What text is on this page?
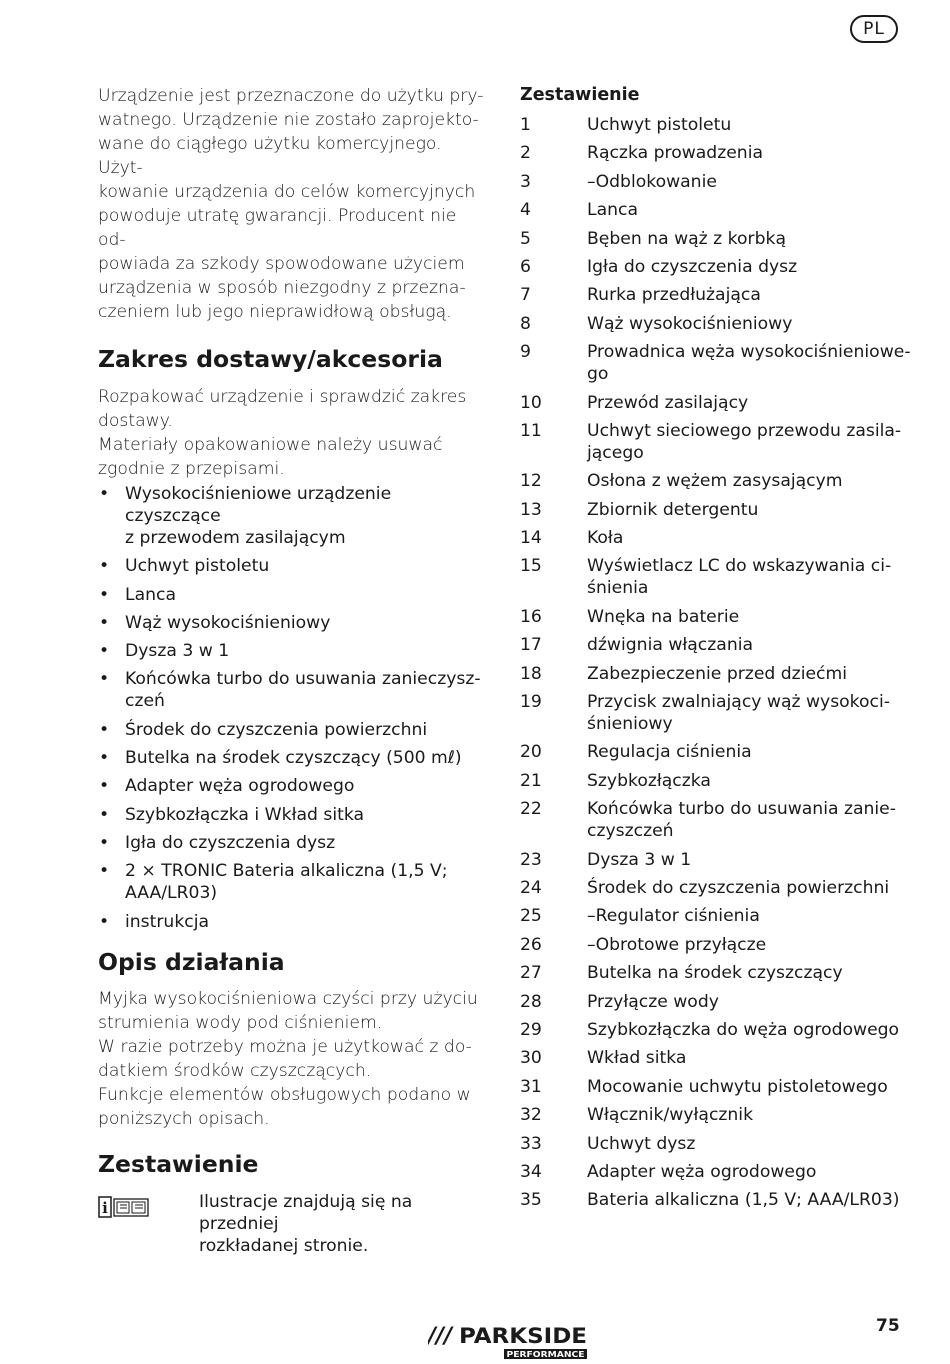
PL

Urządzenie jest przeznaczone do użytku pry-
watnego. Urządzenie nie zostało zaprojekto-
wane do ciągłego użytku komercyjnego. Użyt-
kowanie urządzenia do celów komercyjnych
powoduje utratę gwarancji. Producent nie od-
powiada za szkody spowodowane użyciem
urządzenia w sposób niezgodny z przezna-
czeniem lub jego nieprawidłową obsługą.

Zakres dostawy/akcesoria

Rozpakować urządzenie i sprawdzić zakres
dostawy.
Materiały opakowaniowe należy usuwać
zgodnie z przepisami.

• Wysokociśnieniowe urządzenie czyszczące
z przewodem zasilającym
• Uchwyt pistoletu
• Lanca
• Wąż wysokociśnieniowy
• Dysza 3 w 1
• Końcówka turbo do usuwania zanieczysz-
czeń
• Środek do czyszczenia powierzchni
• Butelka na środek czyszczący (500 mℓ)
• Adapter węża ogrodowego
• Szybkozłączka i Wkład sitka
• Igła do czyszczenia dysz
• 2 × TRONIC Bateria alkaliczna (1,5 V;
AAA/LR03)
• instrukcja
Opis działania

Myjka wysokociśnieniowa czyści przy użyciu
strumienia wody pod ciśnieniem.
W razie potrzeby można je użytkować z do-
datkiem środków czyszczących.
Funkcje elementów obsługowych podano w
poniższych opisach.

Zestawienie
i	Ilustracje znajdują się na przedniej
rozkładanej stronie.
Zestawienie
1	Uchwyt pistoletu
2	Rączka prowadzenia
3	–Odblokowanie
4	Lanca
5	Bęben na wąż z korbką
6	Igła do czyszczenia dysz
7	Rurka przedłużająca
8	Wąż wysokociśnieniowy
9	Prowadnica węża wysokociśnieniowe-
go
10	Przewód zasilający
11	Uchwyt sieciowego przewodu zasila-
jącego
12	Osłona z wężem zasysającym
13	Zbiornik detergentu
14	Koła
15	Wyświetlacz LC do wskazywania ci-
śnienia
16	Wnęka na baterie
17	dźwignia włączania
18	Zabezpieczenie przed dziećmi
19	Przycisk zwalniający wąż wysokoci-
śnieniowy
20	Regulacja ciśnienia
21	Szybkozłączka
22	Końcówka turbo do usuwania zanie-
czyszczeń
23	Dysza 3 w 1
24	Środek do czyszczenia powierzchni
25	–Regulator ciśnienia
26	–Obrotowe przyłącze
27	Butelka na środek czyszczący
28	Przyłącze wody
29	Szybkozłączka do węża ogrodowego
30	Wkład sitka
31	Mocowanie uchwytu pistoletowego
32	Włącznik/wyłącznik
33	Uchwyt dysz
34	Adapter węża ogrodowego
35	Bateria alkaliczna (1,5 V; AAA/LR03)
/// PARKSIDE
PERFORMANCE
75
